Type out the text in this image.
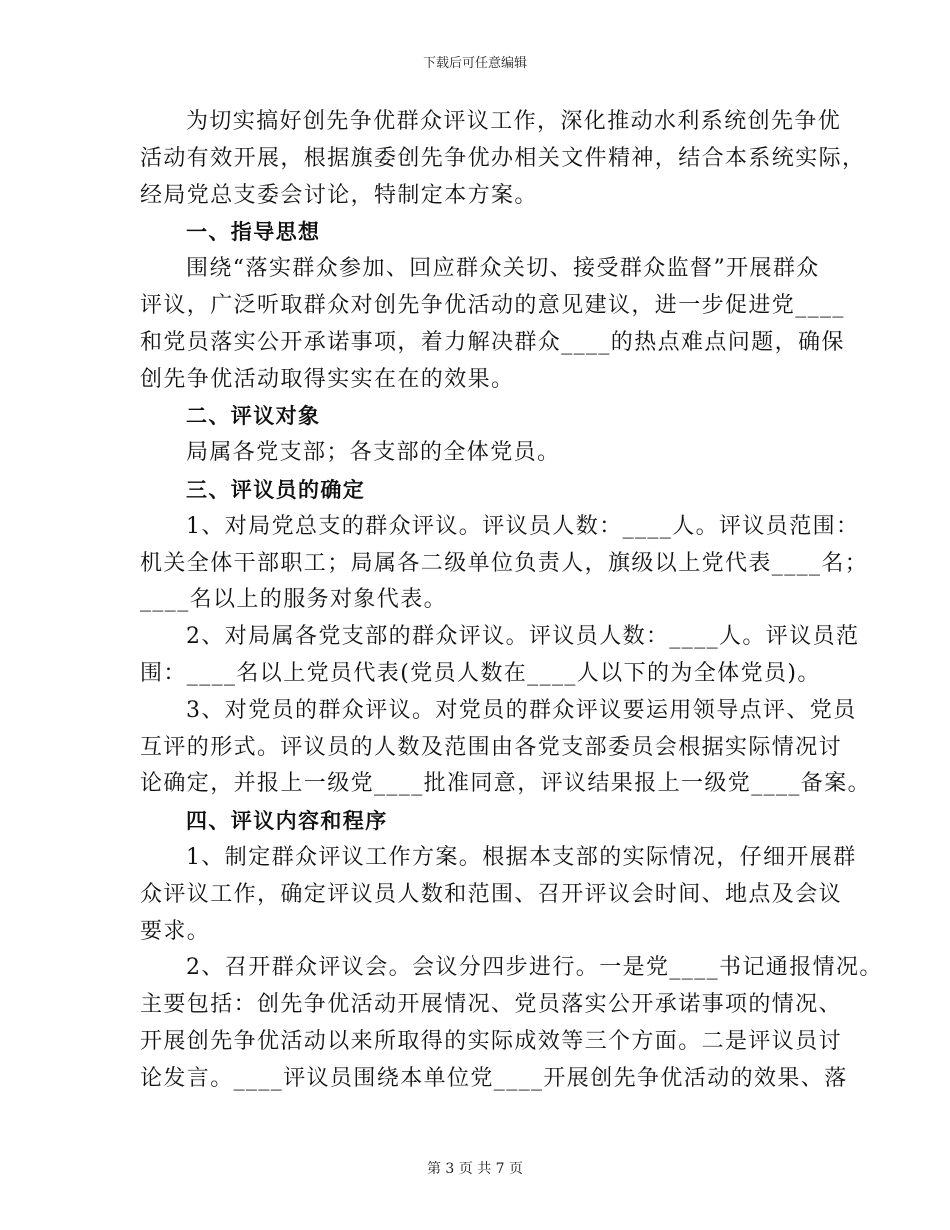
下载后可任意编辑
为切实搞好创先争优群众评议工作，深化推动水利系统创先争优
活动有效开展，根据旗委创先争优办相关文件精神，结合本系统实际，
经局党总支委会讨论，特制定本方案。
一、指导思想
围绕“落实群众参加、回应群众关切、接受群众监督”开展群众
评议，广泛听取群众对创先争优活动的意见建议，进一步促进党____
和党员落实公开承诺事项，着力解决群众____的热点难点问题，确保
创先争优活动取得实实在在的效果。
二、评议对象
局属各党支部；各支部的全体党员。
三、评议员的确定
1、对局党总支的群众评议。评议员人数：____人。评议员范围：
机关全体干部职工；局属各二级单位负责人，旗级以上党代表____名；
____名以上的服务对象代表。
2、对局属各党支部的群众评议。评议员人数：____人。评议员范
围：____名以上党员代表(党员人数在____人以下的为全体党员)。
3、对党员的群众评议。对党员的群众评议要运用领导点评、党员
互评的形式。评议员的人数及范围由各党支部委员会根据实际情况讨
论确定，并报上一级党____批准同意，评议结果报上一级党____备案。
四、评议内容和程序
1、制定群众评议工作方案。根据本支部的实际情况，仔细开展群
众评议工作，确定评议员人数和范围、召开评议会时间、地点及会议
要求。
2、召开群众评议会。会议分四步进行。一是党____书记通报情况。
主要包括：创先争优活动开展情况、党员落实公开承诺事项的情况、
开展创先争优活动以来所取得的实际成效等三个方面。二是评议员讨
论发言。____评议员围绕本单位党____开展创先争优活动的效果、落
第 3 页 共 7 页
